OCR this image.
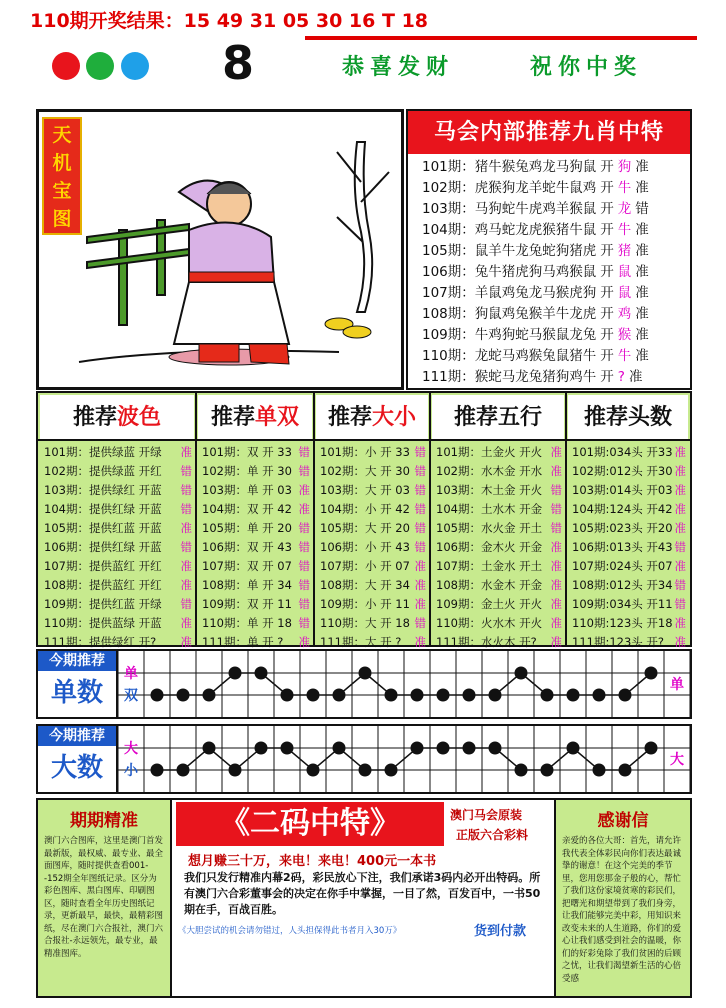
110期开奖结果：15 49 31 05 30 16 T 18
8	恭喜发财	祝你中奖
天机宝图
马会内部推荐九肖中特
101期：猪牛猴兔鸡龙马狗鼠 开 狗 准
102期：虎猴狗龙羊蛇牛鼠鸡 开 牛 准
103期：马狗蛇牛虎鸡羊猴鼠 开 龙 错
104期：鸡马蛇龙虎猴猪牛鼠 开 牛 准
105期：鼠羊牛龙兔蛇狗猪虎 开 猪 准
106期：兔牛猪虎狗马鸡猴鼠 开 鼠 准
107期：羊鼠鸡兔龙马猴虎狗 开 鼠 准
108期：狗鼠鸡兔猴羊牛龙虎 开 鸡 准
109期：牛鸡狗蛇马猴鼠龙兔 开 猴 准
110期：龙蛇马鸡猴兔鼠猪牛 开 牛 准
111期：猴蛇马龙兔猪狗鸡牛 开 ? 准
推荐波色
101期：提供绿蓝 开绿 准
102期：提供绿蓝 开红 错
103期：提供绿红 开蓝 错
104期：提供红绿 开蓝 错
105期：提供红蓝 开蓝 准
106期：提供红绿 开蓝 错
107期：提供蓝红 开红 准
108期：提供蓝红 开红 准
109期：提供红蓝 开绿 错
110期：提供蓝绿 开蓝 准
111期：提供绿红 开? 准
推荐单双
101期：双 开 33 错
102期：单 开 30 错
103期：单 开 03 准
104期：双 开 42 准
105期：单 开 20 错
106期：双 开 43 错
107期：双 开 07 错
108期：单 开 34 错
109期：双 开 11 错
110期：单 开 18 错
111期：单 开 ? 准
推荐大小
101期：小 开 33 错
102期：大 开 30 错
103期：大 开 03 错
104期：小 开 42 错
105期：大 开 20 错
106期：小 开 43 错
107期：小 开 07 准
108期：大 开 34 准
109期：小 开 11 准
110期：大 开 18 错
111期：大 开 ? 准
推荐五行
101期：土金火 开火 准
102期：水木金 开水 准
103期：木土金 开火 错
104期：土水木 开金 错
105期：水火金 开土 错
106期：金木火 开金 准
107期：土金水 开土 准
108期：水金木 开金 准
109期：金土火 开火 准
110期：火水木 开火 准
111期：水火木 开? 准
推荐头数
101期:034头 开33 准
102期:012头 开30 准
103期:014头 开03 准
104期:124头 开42 准
105期:023头 开20 准
106期:013头 开43 错
107期:024头 开07 准
108期:012头 开34 错
109期:034头 开11 错
110期:123头 开18 准
111期:123头 开? 准
今期推荐
单数
单
双
单
今期推荐
大数
大
小
大
期期精准
澳门六合图库，这里是澳门首发最新版，最权威、最专业、最全面图库，随时提供查看001--152期全年图纸记录。区分为彩色图库、黑白图库、印刷图区，随时查看全年历史图纸记录，更新最早，最快，最精彩图纸，尽在澳门六合报社，澳门六合报社-永远领先，最专业，最精准图库。
《二码中特》	澳门马会原装
正版六合彩料
想月赚三十万，来电！来电！400元一本书
我们只发行精准内幕2码，彩民放心下注，我们承诺3码内必开出特码。所有澳门六合彩董事会的决定在你手中掌握，一目了然，百发百中，一书50期在手，百战百胜。
《大胆尝试的机会请勿错过，人头担保得此书者月入30万》	货到付款
感谢信
亲爱的各位大哥：首先，请允许我代表全体彩民向你们表达最诚挚的谢意！在这个完美的季节里，您用您那金子般的心，帮忙了我们这份家境贫寒的彩民们，把曙光和期望带到了我们身旁，让我们能够完美中彩，用知识来改变未来的人生道路，你们的爱心让我们感受到社会的温暖，你们的好彩兔除了我们贫困的后顾之忧，让我们渴望新生活的心倍受感
